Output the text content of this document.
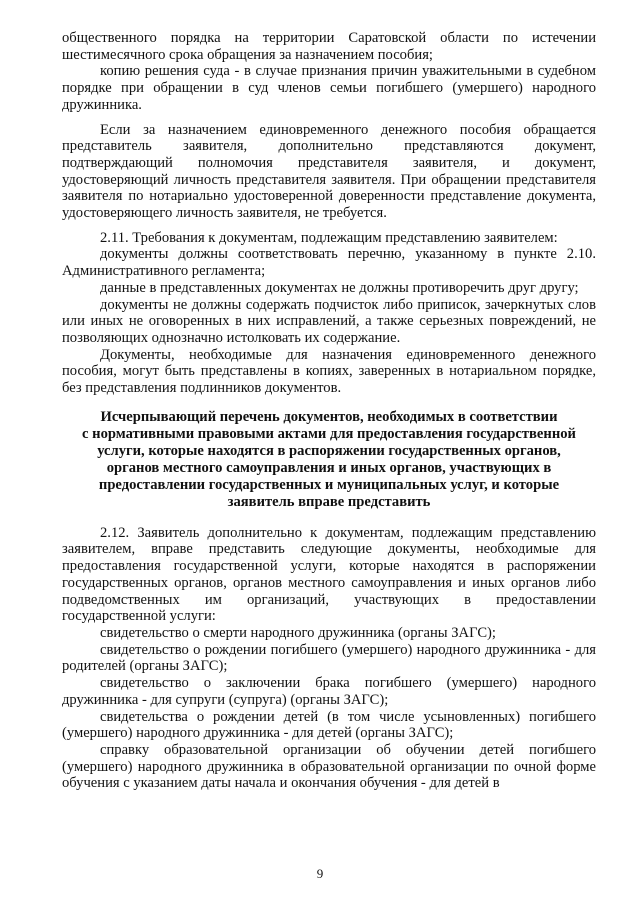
общественного порядка на территории Саратовской области по истечении шестимесячного срока обращения за назначением пособия;

копию решения суда - в случае признания причин уважительными в судебном порядке при обращении в суд членов семьи погибшего (умершего) народного дружинника.

Если за назначением единовременного денежного пособия обращается представитель заявителя, дополнительно представляются документ, подтверждающий полномочия представителя заявителя, и документ, удостоверяющий личность представителя заявителя. При обращении представителя заявителя по нотариально удостоверенной доверенности представление документа, удостоверяющего личность заявителя, не требуется.

2.11. Требования к документам, подлежащим представлению заявителем:

документы должны соответствовать перечню, указанному в пункте 2.10. Административного регламента;

данные в представленных документах не должны противоречить друг другу;

документы не должны содержать подчисток либо приписок, зачеркнутых слов или иных не оговоренных в них исправлений, а также серьезных повреждений, не позволяющих однозначно истолковать их содержание.

Документы, необходимые для назначения единовременного денежного пособия, могут быть представлены в копиях, заверенных в нотариальном порядке, без представления подлинников документов.

Исчерпывающий перечень документов, необходимых в соответствии
с нормативными правовыми актами для предоставления государственной
услуги, которые находятся в распоряжении государственных органов,
органов местного самоуправления и иных органов, участвующих в
предоставлении государственных и муниципальных услуг, и которые
заявитель вправе представить

2.12. Заявитель дополнительно к документам, подлежащим представлению заявителем, вправе представить следующие документы, необходимые для предоставления государственной услуги, которые находятся в распоряжении государственных органов, органов местного самоуправления и иных органов либо подведомственных им организаций, участвующих в предоставлении государственной услуги:

свидетельство о смерти народного дружинника (органы ЗАГС);

свидетельство о рождении погибшего (умершего) народного дружинника - для родителей (органы ЗАГС);

свидетельство о заключении брака погибшего (умершего) народного дружинника - для супруги (супруга) (органы ЗАГС);

свидетельства о рождении детей (в том числе усыновленных) погибшего (умершего) народного дружинника - для детей (органы ЗАГС);

справку образовательной организации об обучении детей погибшего (умершего) народного дружинника в образовательной организации по очной форме обучения с указанием даты начала и окончания обучения - для детей в

9
